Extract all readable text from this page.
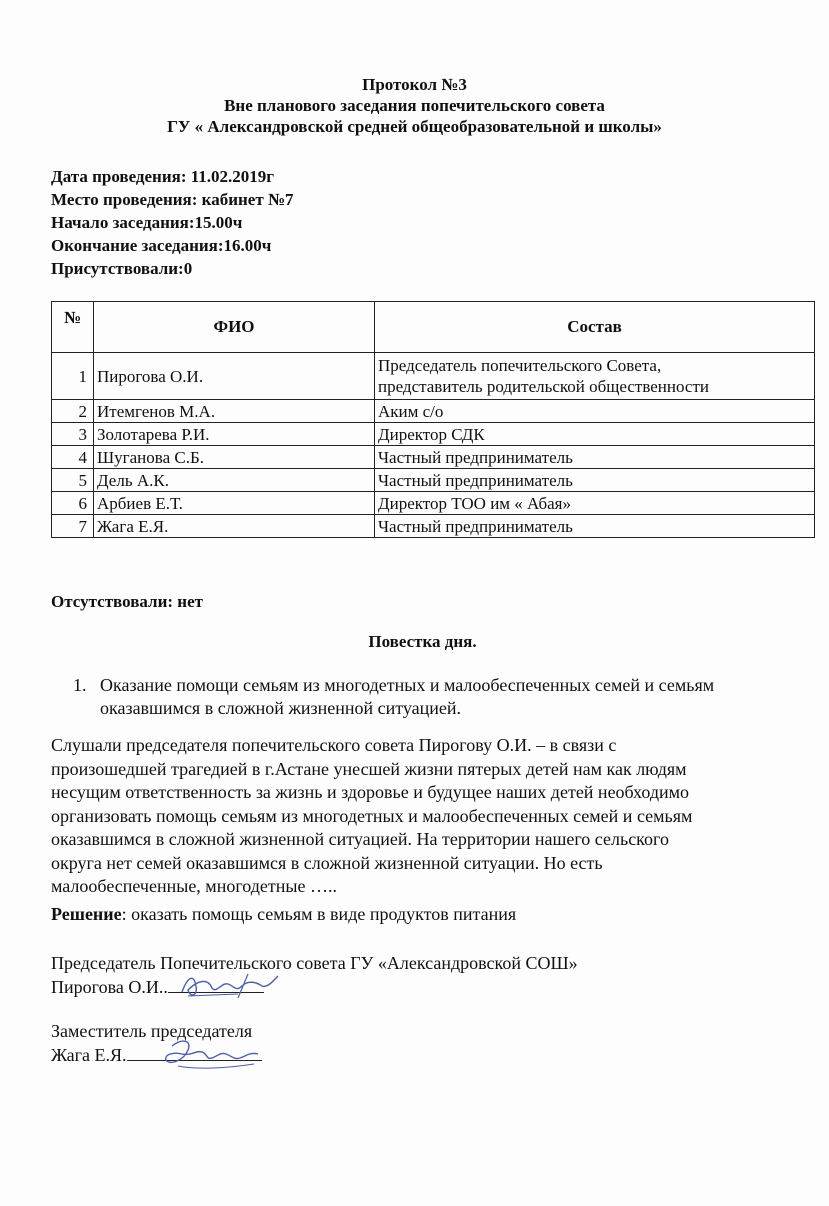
Протокол №3
Вне планового заседания попечительского совета
ГУ « Александровской средней общеобразовательной и школы»
Дата проведения: 11.02.2019г
Место проведения: кабинет №7
Начало заседания:15.00ч
Окончание заседания:16.00ч
Присутствовали:0
№	ФИО	Состав
1	Пирогова О.И.	Председатель попечительского Совета,
представитель родительской общественности

2	Итемгенов М.А.	Аким с/о
3	Золотарева Р.И.	Директор СДК
4	Шуганова С.Б.	Частный предприниматель
5	Дель А.К.	Частный предприниматель
6	Арбиев Е.Т.	Директор ТОО им « Абая»
7	Жага Е.Я.	Частный предприниматель
Отсутствовали: нет
Повестка дня.
1. Оказание помощи семьям из многодетных и малообеспеченных семей и семьям
оказавшимся в сложной жизненной ситуацией.
Слушали председателя попечительского совета Пирогову О.И. – в связи с
произошедшей трагедией в г.Астане унесшей жизни пятерых детей нам как людям
несущим ответственность за жизнь и здоровье и будущее наших детей необходимо
организовать помощь семьям из многодетных и малообеспеченных семей и семьям
оказавшимся в сложной жизненной ситуацией. На территории нашего сельского
округа нет семей оказавшимся в сложной жизненной ситуации. Но есть
малообеспеченные, многодетные …..
Решение: оказать помощь семьям в виде продуктов питания
Председатель Попечительского совета ГУ «Александровской СОШ»
Пирогова О.И..
Заместитель председателя
Жага Е.Я.
